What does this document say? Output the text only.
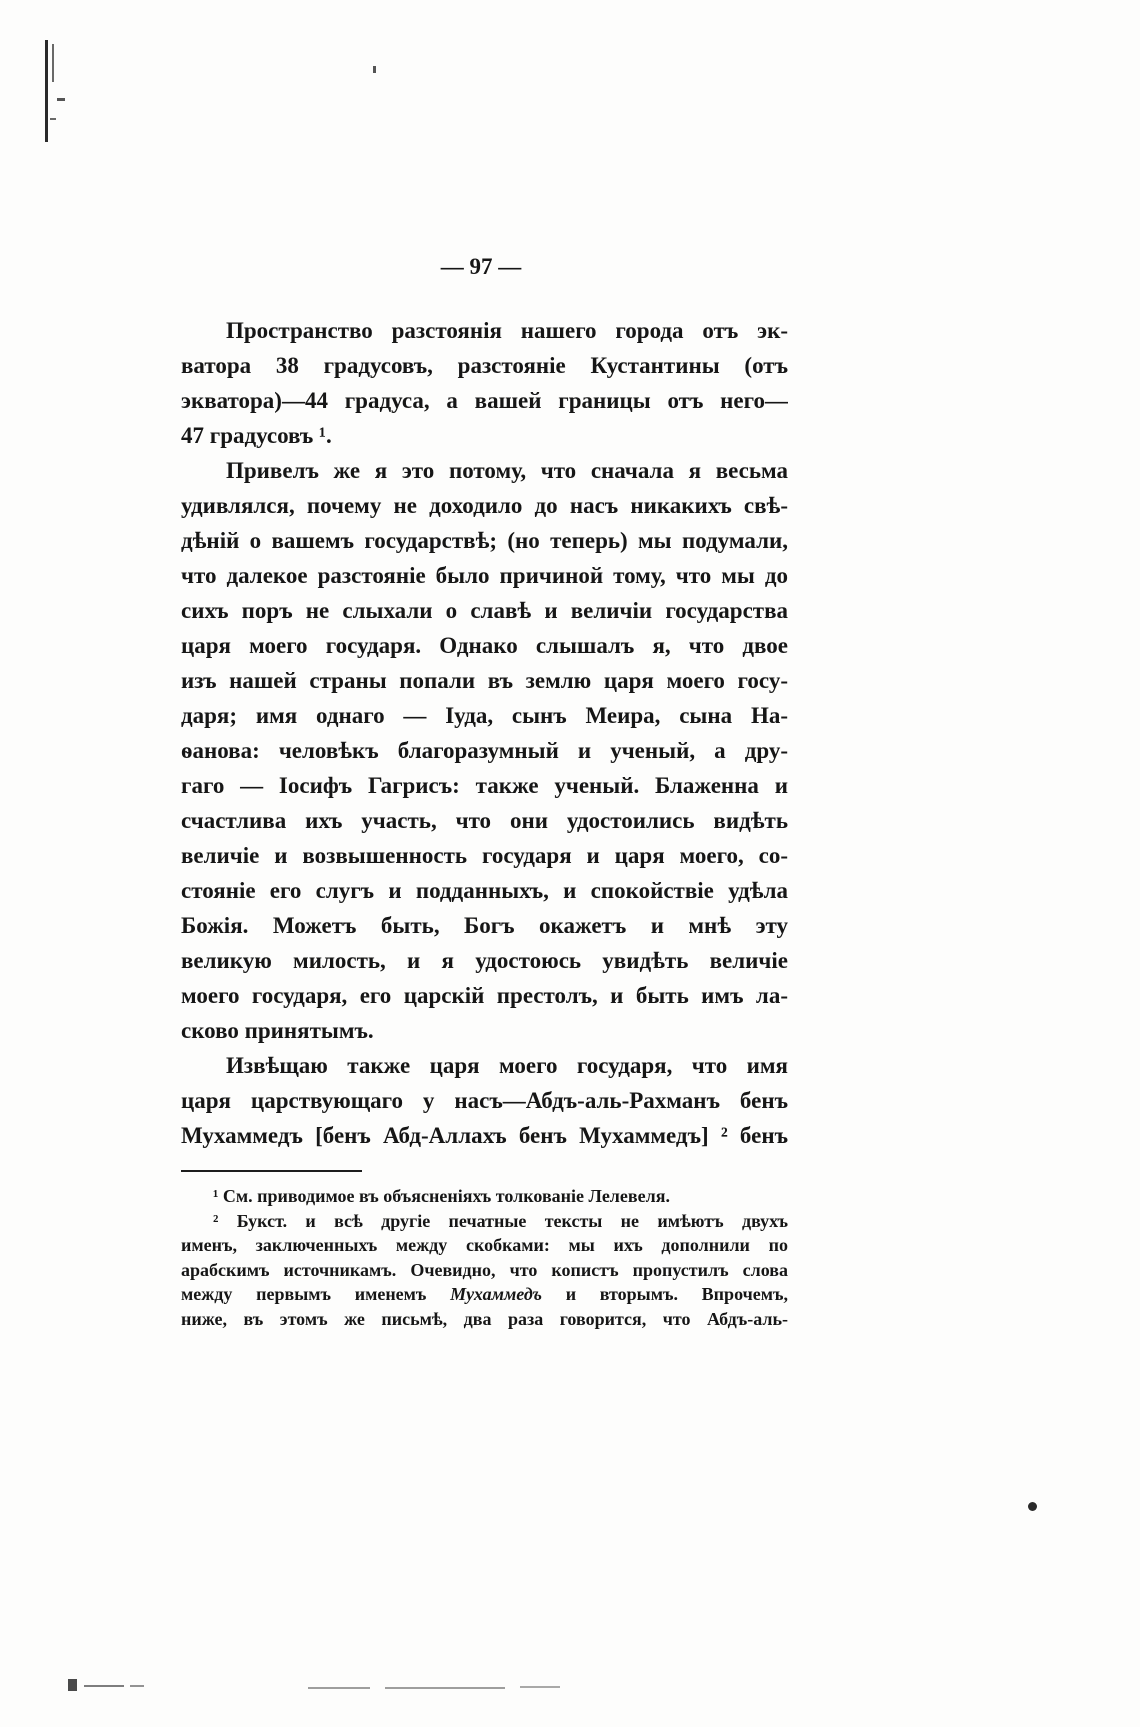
— 97 —
Пространство разстоянія нашего города отъ эк-
ватора 38 градусовъ, разстояніе Кустантины (отъ
экватора)—44 градуса, а вашей границы отъ него—
47 градусовъ ¹.
Привелъ же я это потому, что сначала я весьма
удивлялся, почему не доходило до насъ никакихъ свѣ-
дѣній о вашемъ государствѣ; (но теперь) мы подумали,
что далекое разстояніе было причиной тому, что мы до
сихъ поръ не слыхали о славѣ и величіи государства
царя моего государя. Однако слышалъ я, что двое
изъ нашей страны попали въ землю царя моего госу-
даря; имя однаго — Іуда, сынъ Меира, сына На-
ѳанова: человѣкъ благоразумный и ученый, а дру-
гаго — Іосифъ Гагрисъ: также ученый. Блаженна и
счастлива ихъ участь, что они удостоились видѣть
величіе и возвышенность государя и царя моего, со-
стояніе его слугъ и подданныхъ, и спокойствіе удѣла
Божія. Можетъ быть, Богъ окажетъ и мнѣ эту
великую милость, и я удостоюсь увидѣть величіе
моего государя, его царскій престолъ, и быть имъ ла-
сково принятымъ.
Извѣщаю также царя моего государя, что имя
царя царствующаго у насъ—Абдъ-аль-Рахманъ бенъ
Мухаммедъ [бенъ Абд-Аллахъ бенъ Мухаммедъ] ² бенъ
¹ См. приводимое въ объясненіяхъ толкованіе Лелевеля.
² Букст. и всѣ другіе печатные тексты не имѣютъ двухъ
именъ, заключенныхъ между скобками: мы ихъ дополнили по
арабскимъ источникамъ. Очевидно, что копистъ пропустилъ слова
между первымъ именемъ Мухаммедъ и вторымъ. Впрочемъ,
ниже, въ этомъ же письмѣ, два раза говорится, что Абдъ-аль-
